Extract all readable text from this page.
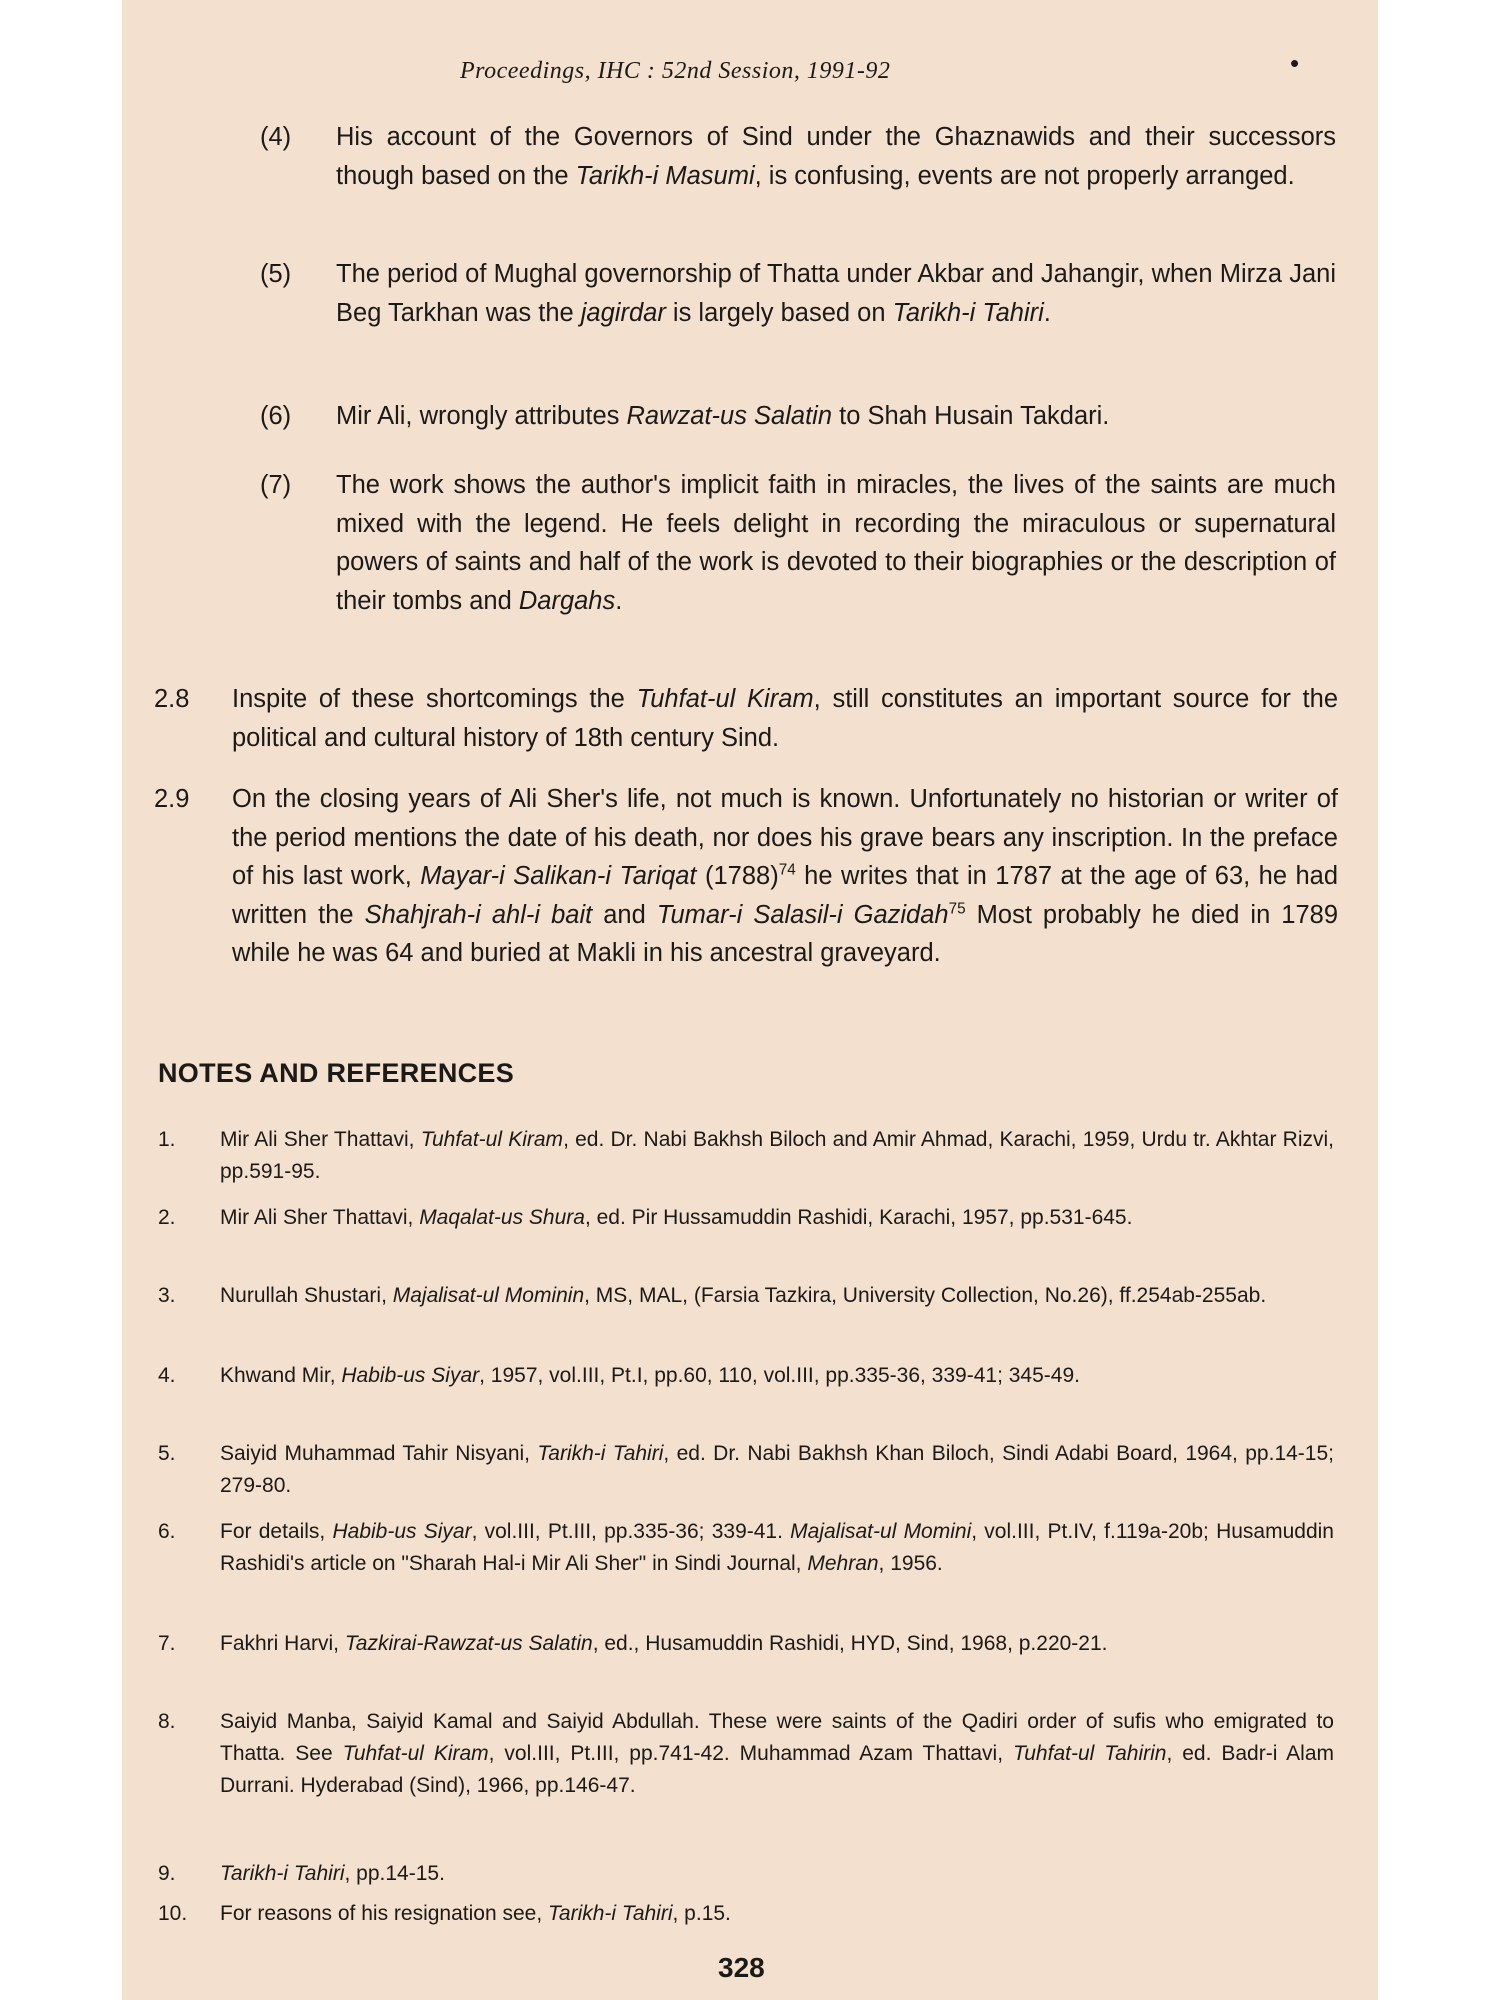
Proceedings, IHC : 52nd Session, 1991-92	•
(4) His account of the Governors of Sind under the Ghaznawids and their successors though based on the Tarikh-i Masumi, is confusing, events are not properly arranged.
(5) The period of Mughal governorship of Thatta under Akbar and Jahangir, when Mirza Jani Beg Tarkhan was the jagirdar is largely based on Tarikh-i Tahiri.
(6) Mir Ali, wrongly attributes Rawzat-us Salatin to Shah Husain Takdari.
(7) The work shows the author's implicit faith in miracles, the lives of the saints are much mixed with the legend. He feels delight in recording the miraculous or supernatural powers of saints and half of the work is devoted to their biographies or the description of their tombs and Dargahs.
2.8 Inspite of these shortcomings the Tuhfat-ul Kiram, still constitutes an important source for the political and cultural history of 18th century Sind.
2.9 On the closing years of Ali Sher's life, not much is known. Unfortunately no historian or writer of the period mentions the date of his death, nor does his grave bears any inscription. In the preface of his last work, Mayar-i Salikan-i Tariqat $(1788)^{74}$ he writes that in 1787 at the age of 63, he had written the Shahjrah-i ahl-i bait and Tumar-i Salasil-i Gazidah$^{75}$ Most probably he died in 1789 while he was 64 and buried at Makli in his ancestral graveyard.
NOTES AND REFERENCES
1. Mir Ali Sher Thattavi, Tuhfat-ul Kiram, ed. Dr. Nabi Bakhsh Biloch and Amir Ahmad, Karachi, 1959, Urdu tr. Akhtar Rizvi, pp.591-95.
2. Mir Ali Sher Thattavi, Maqalat-us Shura, ed. Pir Hussamuddin Rashidi, Karachi, 1957, pp.531-645.
3. Nurullah Shustari, Majalisat-ul Mominin, MS, MAL, (Farsia Tazkira, University Collection, No.26), ff.254ab-255ab.
4. Khwand Mir, Habib-us Siyar, 1957, vol.III, Pt.I, pp.60, 110, vol.III, pp.335-36, 339-41; 345-49.
5. Saiyid Muhammad Tahir Nisyani, Tarikh-i Tahiri, ed. Dr. Nabi Bakhsh Khan Biloch, Sindi Adabi Board, 1964, pp.14-15; 279-80.
6. For details, Habib-us Siyar, vol.III, Pt.III, pp.335-36; 339-41. Majalisat-ul Momini, vol.III, Pt.IV, f.119a-20b; Husamuddin Rashidi's article on "Sharah Hal-i Mir Ali Sher" in Sindi Journal, Mehran, 1956.
7. Fakhri Harvi, Tazkirai-Rawzat-us Salatin, ed., Husamuddin Rashidi, HYD, Sind, 1968, p.220-21.
8. Saiyid Manba, Saiyid Kamal and Saiyid Abdullah. These were saints of the Qadiri order of sufis who emigrated to Thatta. See Tuhfat-ul Kiram, vol.III, Pt.III, pp.741-42. Muhammad Azam Thattavi, Tuhfat-ul Tahirin, ed. Badr-i Alam Durrani. Hyderabad (Sind), 1966, pp.146-47.
9. Tarikh-i Tahiri, pp.14-15.
10. For reasons of his resignation see, Tarikh-i Tahiri, p.15.
328
